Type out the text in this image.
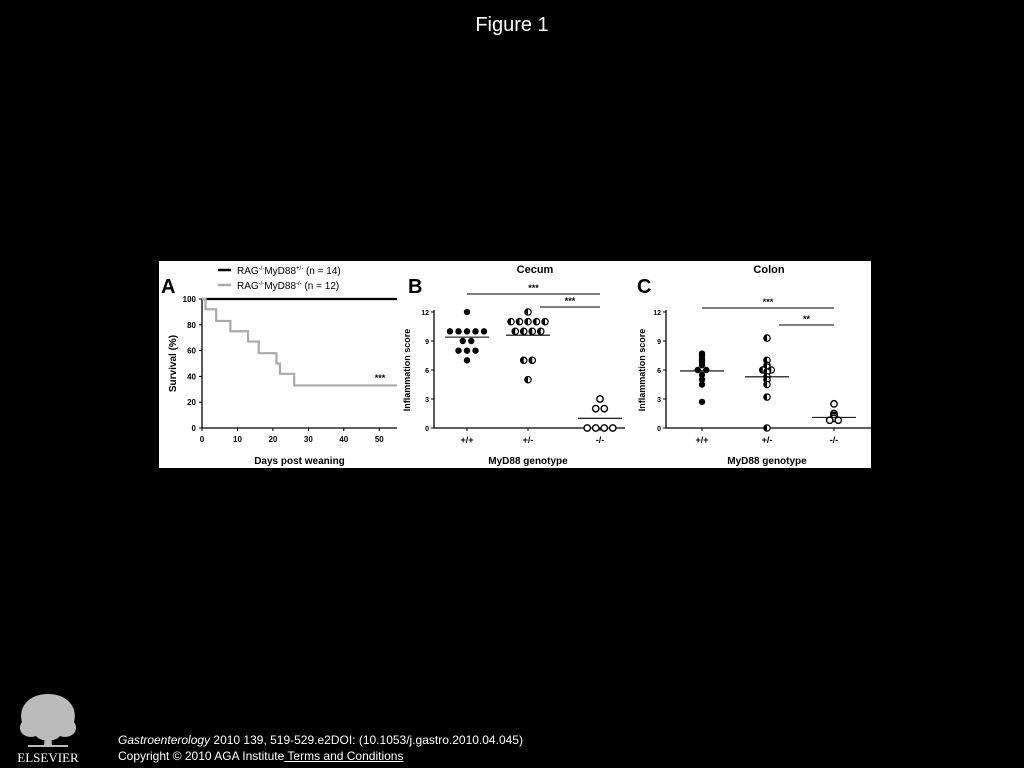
Figure 1
A	B	C
RAG-/-MyD88+/- (n = 14)
RAG-/-MyD88-/- (n = 12)
0
20
40
60
80
100
0	10	20	30	40	50
Days post weaning
Survival (%)	***
Cecum
0
3
6
9
12
Inflammation score
MyD88 genotype
+/+	+/-	-/-
***
***
Colon
0
3
6
9
12
Inflammation score
MyD88 genotype
+/+	+/-	-/-
***
**
ELSEVIER
Gastroenterology 2010 139, 519-529.e2DOI: (10.1053/j.gastro.2010.04.045)
Copyright © 2010 AGA Institute Terms and Conditions
